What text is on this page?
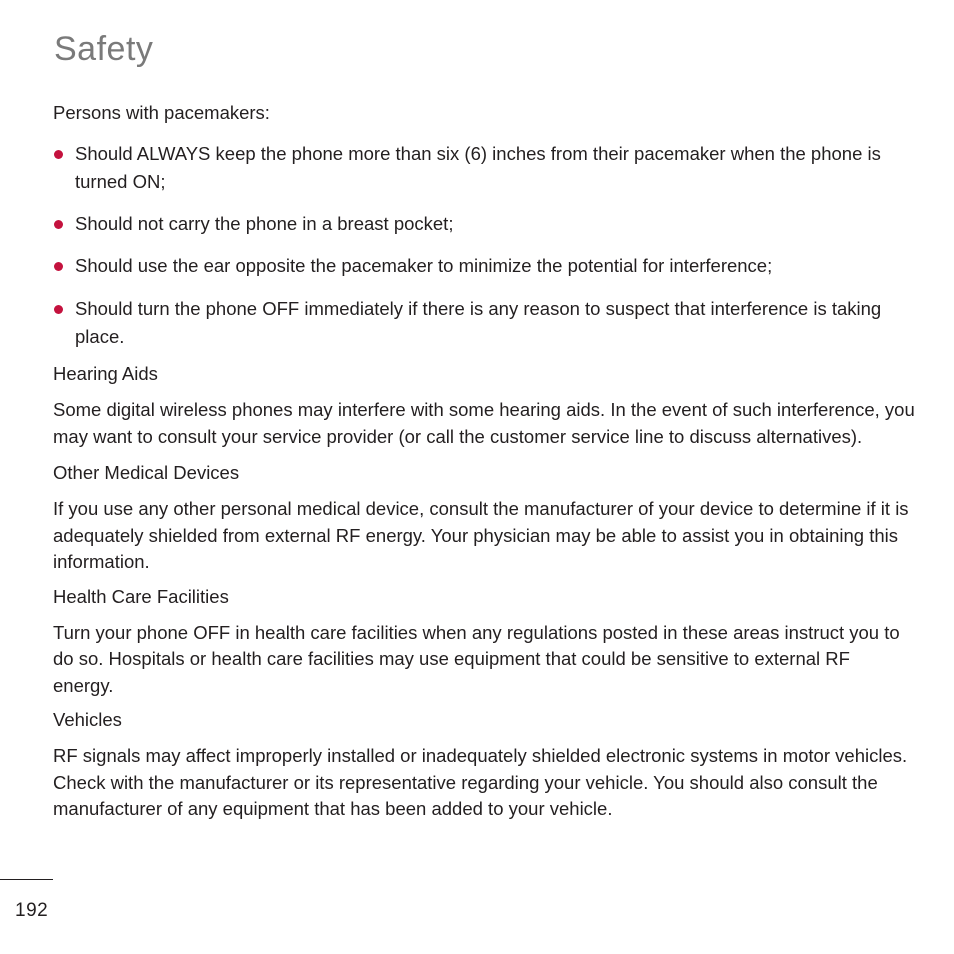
Safety

Persons with pacemakers:

Should ALWAYS keep the phone more than six (6) inches from their pacemaker when the phone is turned ON;
Should not carry the phone in a breast pocket;
Should use the ear opposite the pacemaker to minimize the potential for interference;
Should turn the phone OFF immediately if there is any reason to suspect that interference is taking place.

Hearing Aids

Some digital wireless phones may interfere with some hearing aids. In the event of such interference, you may want to consult your service provider (or call the customer service line to discuss alternatives).

Other Medical Devices

If you use any other personal medical device, consult the manufacturer of your device to determine if it is adequately shielded from external RF energy. Your physician may be able to assist you in obtaining this information.

Health Care Facilities

Turn your phone OFF in health care facilities when any regulations posted in these areas instruct you to do so. Hospitals or health care facilities may use equipment that could be sensitive to external RF energy.

Vehicles

RF signals may affect improperly installed or inadequately shielded electronic systems in motor vehicles. Check with the manufacturer or its representative regarding your vehicle. You should also consult the manufacturer of any equipment that has been added to your vehicle.

192
